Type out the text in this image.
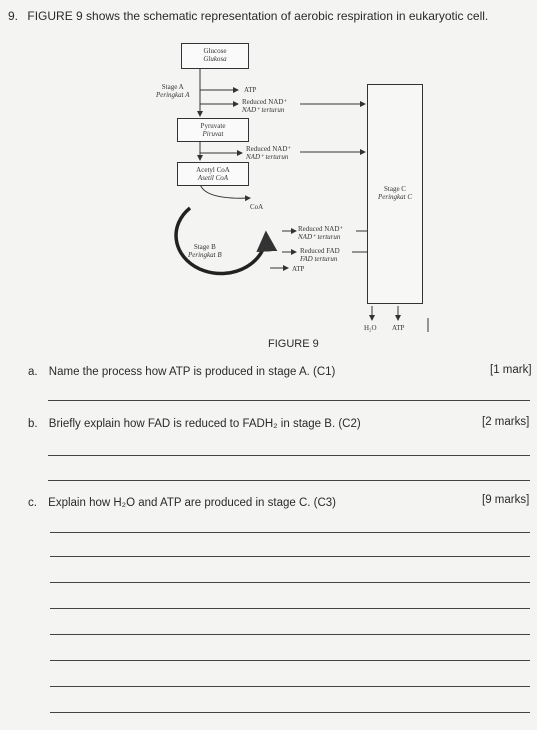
9. FIGURE 9 shows the schematic representation of aerobic respiration in eukaryotic cell.
Glucose
Glukosa
Stage A
Peringkat A
ATP
Reduced NAD⁺
NAD⁺ terturun
Pyruvate
Piruvat
Reduced NAD⁺
NAD⁺ terturun
Acetyl CoA
Asetil CoA
CoA
Stage B
Peringkat B
Reduced NAD⁺
NAD⁺ terturun
Reduced FAD
FAD terturun
ATP
Stage C
Peringkat C
H₂O ATP
FIGURE 9
a. Name the process how ATP is produced in stage A. (C1)	[1 mark]
b. Briefly explain how FAD is reduced to FADH₂ in stage B. (C2)	[2 marks]
c. Explain how H₂O and ATP are produced in stage C. (C3)	[9 marks]
